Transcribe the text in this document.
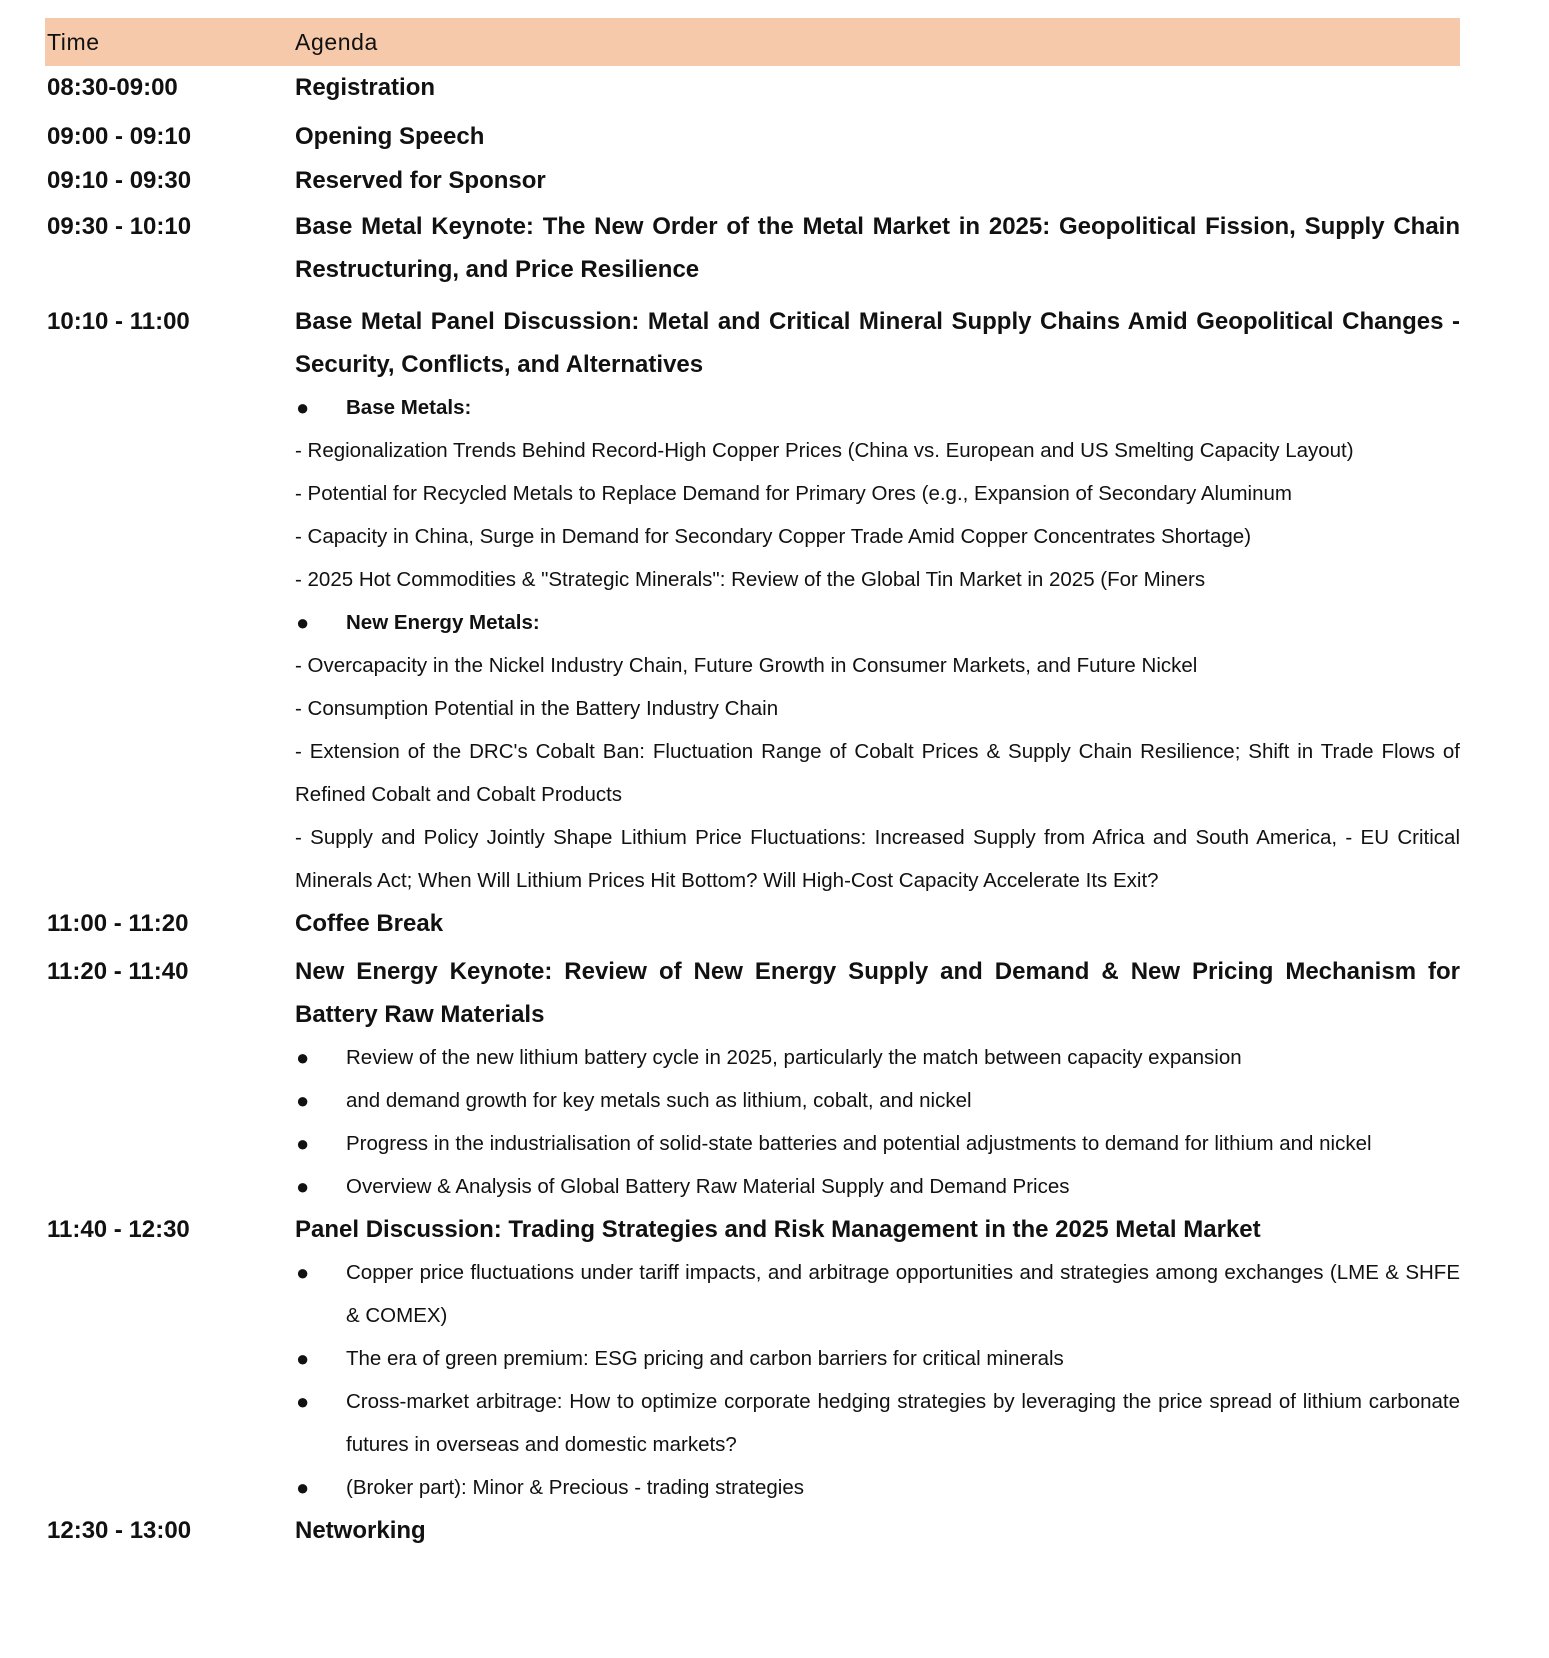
Time	Agenda
08:30-09:00	Registration
09:00 - 09:10	Opening Speech
09:10 - 09:30	Reserved for Sponsor
09:30 - 10:10	Base Metal Keynote: The New Order of the Metal Market in 2025: Geopolitical Fission, Supply Chain Restructuring, and Price Resilience
10:10 - 11:00	Base Metal Panel Discussion: Metal and Critical Mineral Supply Chains Amid Geopolitical Changes - Security, Conflicts, and Alternatives
●	Base Metals:
- Regionalization Trends Behind Record-High Copper Prices (China vs. European and US Smelting Capacity Layout)
- Potential for Recycled Metals to Replace Demand for Primary Ores (e.g., Expansion of Secondary Aluminum
- Capacity in China, Surge in Demand for Secondary Copper Trade Amid Copper Concentrates Shortage)
- 2025 Hot Commodities & "Strategic Minerals": Review of the Global Tin Market in 2025 (For Miners
●	New Energy Metals:
- Overcapacity in the Nickel Industry Chain, Future Growth in Consumer Markets, and Future Nickel
- Consumption Potential in the Battery Industry Chain
- Extension of the DRC's Cobalt Ban: Fluctuation Range of Cobalt Prices & Supply Chain Resilience; Shift in Trade Flows of Refined Cobalt and Cobalt Products
- Supply and Policy Jointly Shape Lithium Price Fluctuations: Increased Supply from Africa and South America, - EU Critical Minerals Act; When Will Lithium Prices Hit Bottom? Will High-Cost Capacity Accelerate Its Exit?
11:00 - 11:20	Coffee Break
11:20 - 11:40	New Energy Keynote: Review of New Energy Supply and Demand & New Pricing Mechanism for Battery Raw Materials
●	Review of the new lithium battery cycle in 2025, particularly the match between capacity expansion
●	and demand growth for key metals such as lithium, cobalt, and nickel
●	Progress in the industrialisation of solid-state batteries and potential adjustments to demand for lithium and nickel
●	Overview & Analysis of Global Battery Raw Material Supply and Demand Prices
11:40 - 12:30	Panel Discussion: Trading Strategies and Risk Management in the 2025 Metal Market
●	Copper price fluctuations under tariff impacts, and arbitrage opportunities and strategies among exchanges (LME & SHFE & COMEX)
●	The era of green premium: ESG pricing and carbon barriers for critical minerals
●	Cross-market arbitrage: How to optimize corporate hedging strategies by leveraging the price spread of lithium carbonate futures in overseas and domestic markets?
●	(Broker part): Minor & Precious - trading strategies
12:30 - 13:00	Networking
